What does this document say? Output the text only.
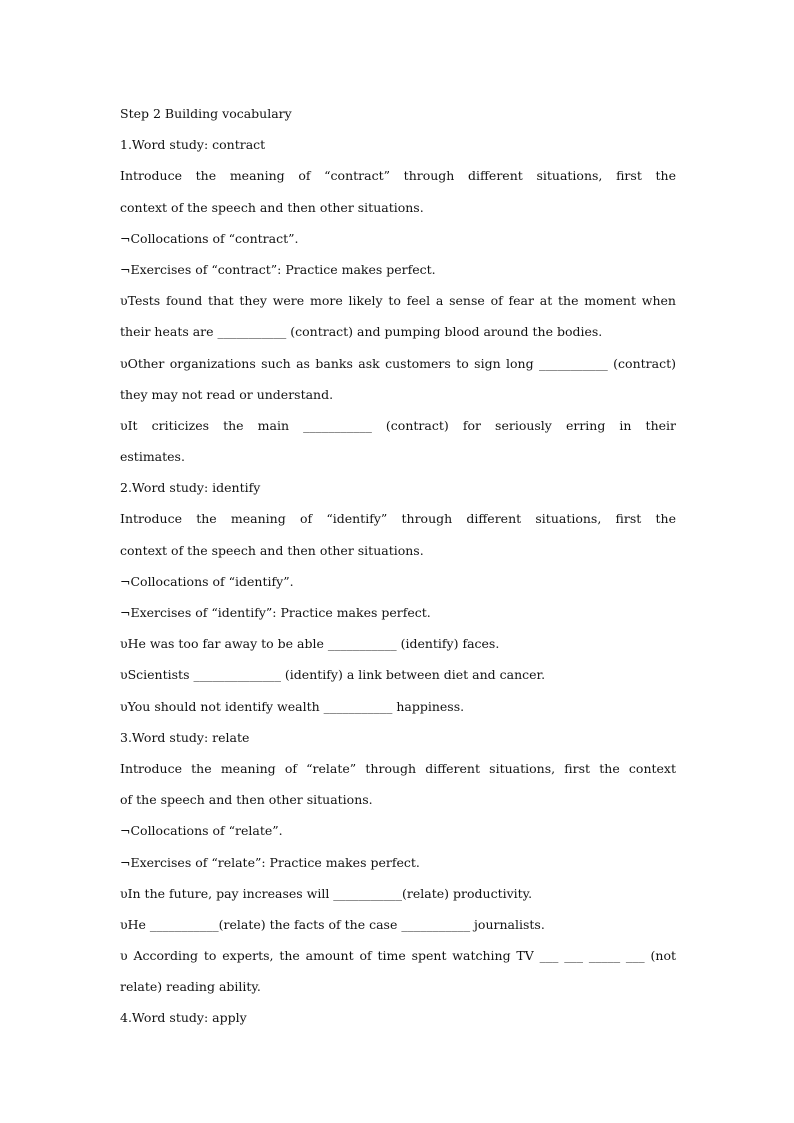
Step 2 Building vocabulary
1.Word study: contract
Introduce the meaning of “contract” through different situations, first the
context of the speech and then other situations.
¬Collocations of “contract”.
¬Exercises of “contract”: Practice makes perfect.
υTests found that they were more likely to feel a sense of fear at the moment when
their heats are ___________ (contract) and pumping blood around the bodies.
υOther organizations such as banks ask customers to sign long ___________ (contract)
they may not read or understand.
υIt criticizes the main ___________ (contract) for seriously erring in their
estimates.
2.Word study: identify
Introduce the meaning of “identify” through different situations, first the
context of the speech and then other situations.
¬Collocations of “identify”.
¬Exercises of “identify”: Practice makes perfect.
υHe was too far away to be able ___________ (identify) faces.
υScientists ______________ (identify) a link between diet and cancer.
υYou should not identify wealth ___________ happiness.
3.Word study: relate
Introduce the meaning of “relate” through different situations, first the context
of the speech and then other situations.
¬Collocations of “relate”.
¬Exercises of “relate”: Practice makes perfect.
υIn the future, pay increases will ___________(relate) productivity.
υHe ___________(relate) the facts of the case ___________ journalists.
υ According to experts, the amount of time spent watching TV ___ ___ _____ ___ (not
relate) reading ability.
4.Word study: apply
